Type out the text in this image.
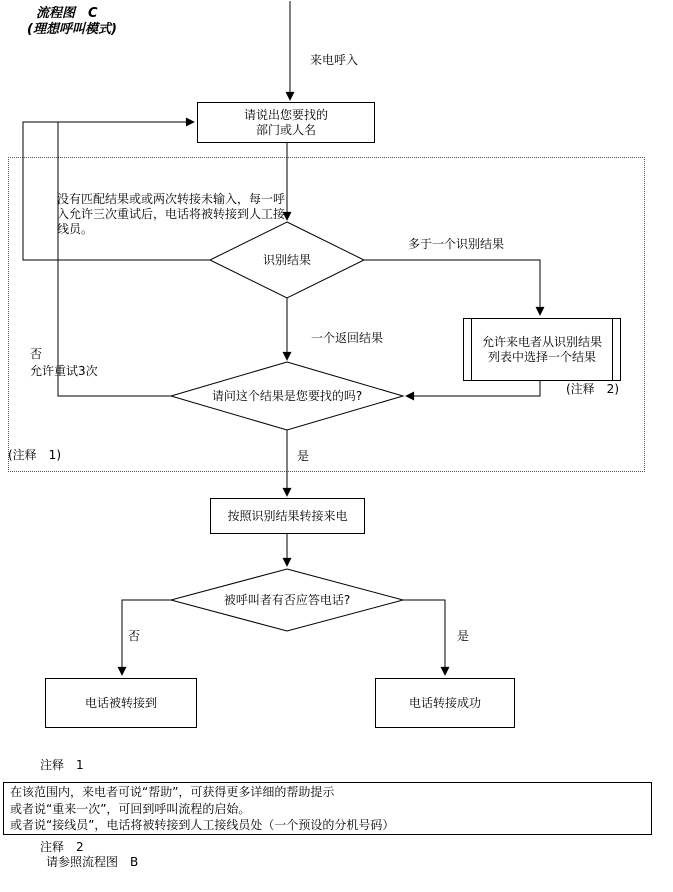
流程图　C
(理想呼叫模式)
来电呼入
请说出您要找的
部门或人名
没有匹配结果或或两次转接未输入，每一呼入允许三次重试后，电话将被转接到人工接线员。
识别结果
多于一个识别结果
一个返回结果	允许来电者从识别结果
列表中选择一个结果
(注释　2)
否
允许重试3次
请问这个结果是您要找的吗?
(注释　1)	是
按照识别结果转接来电
被呼叫者有否应答电话?
否	是
电话被转接到	电话转接成功
注释　1
在该范围内，来电者可说“帮助”，可获得更多详细的帮助提示
或者说“重来一次”，可回到呼叫流程的启始。
或者说“接线员”，电话将被转接到人工接线员处（一个预设的分机号码）
注释　2
请参照流程图　B
